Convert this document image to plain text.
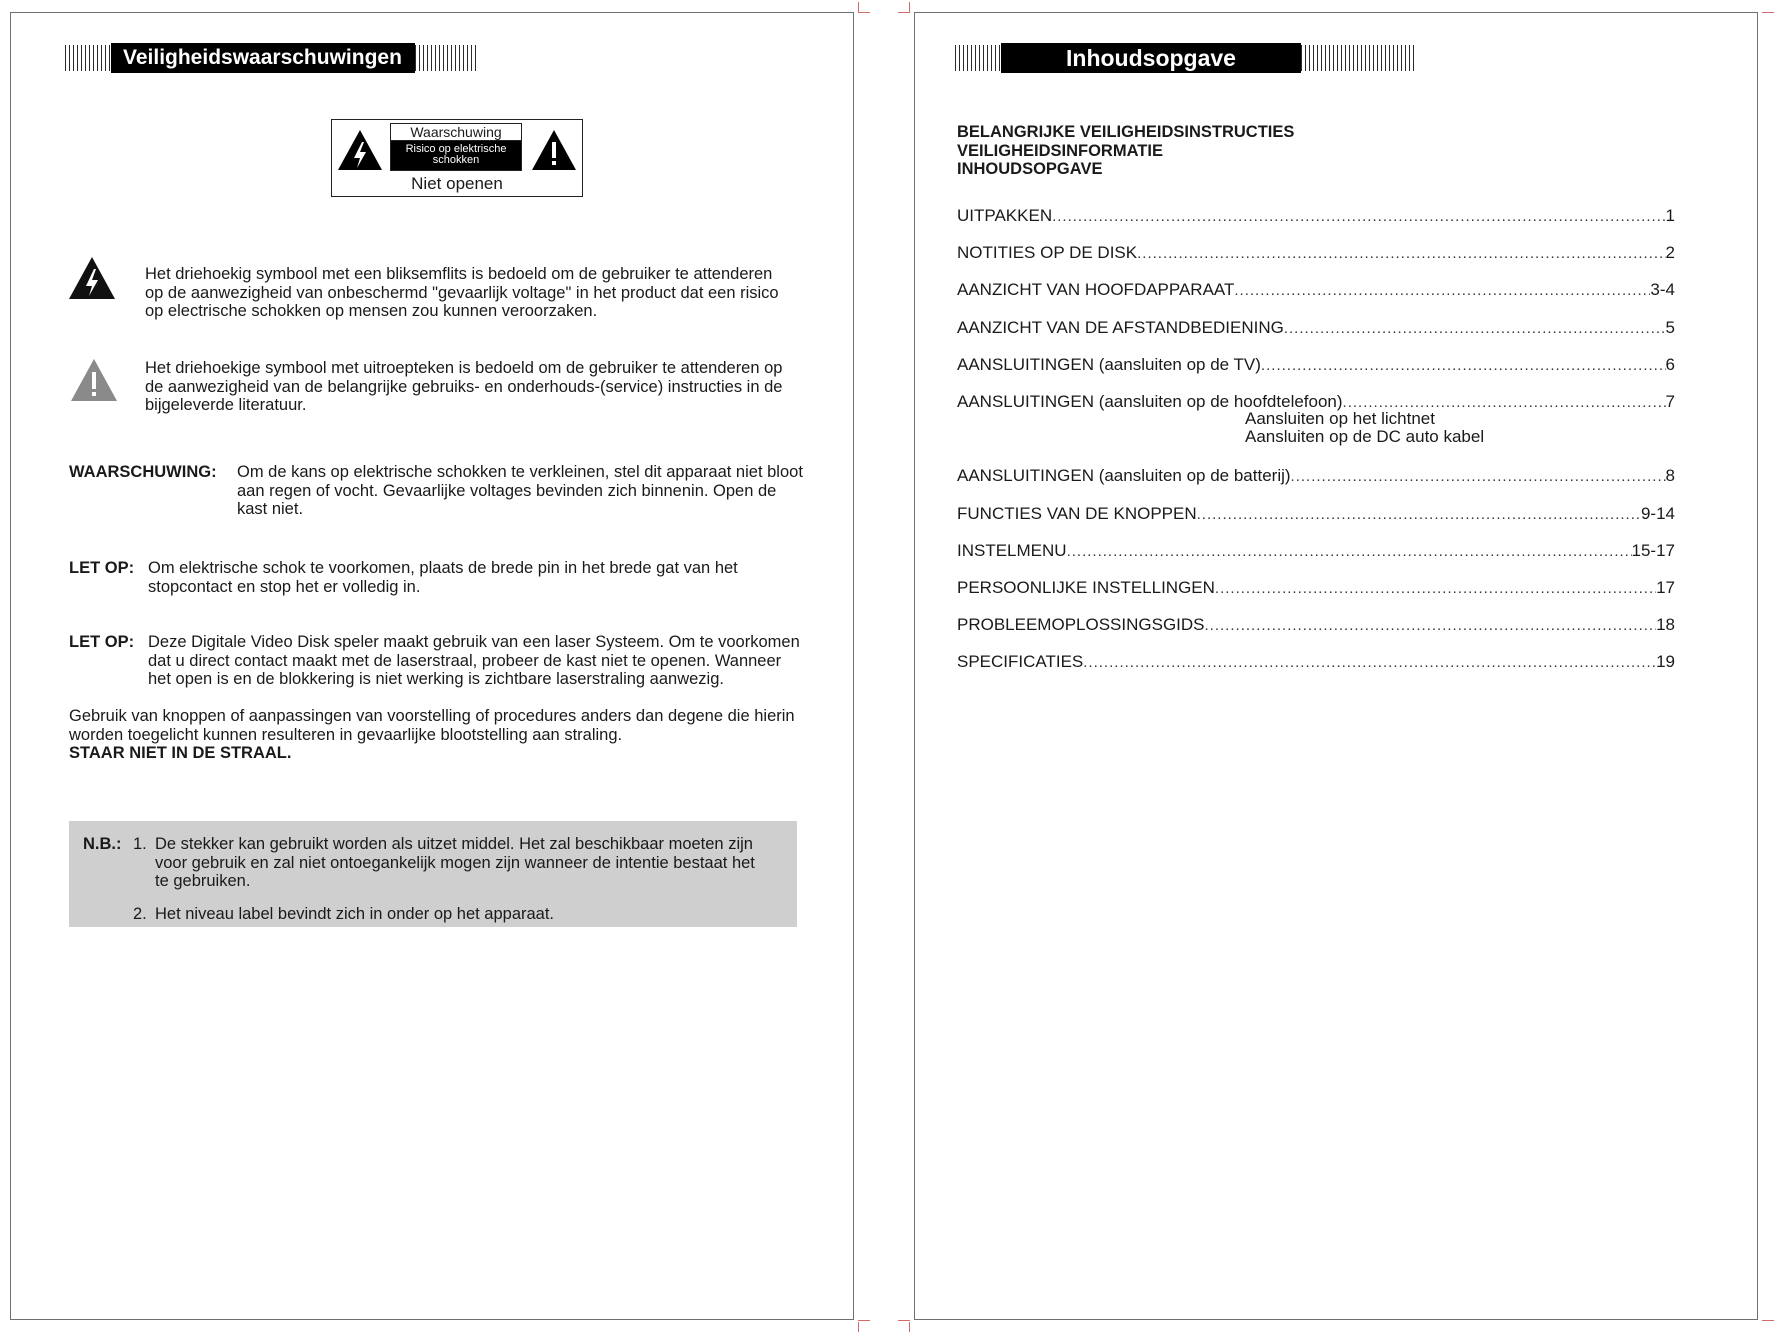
Veiligheidswaarschuwingen
Waarschuwing
Risico op elektrische schokken
Niet openen
Het driehoekig symbool met een bliksemflits is bedoeld om de gebruiker te attenderen op de aanwezigheid van onbeschermd "gevaarlijk voltage" in het product dat een risico op electrische schokken op mensen zou kunnen veroorzaken.
Het driehoekige symbool met uitroepteken is bedoeld om de gebruiker te attenderen op de aanwezigheid van de belangrijke gebruiks- en onderhouds-(service) instructies in de bijgeleverde literatuur.
WAARSCHUWING: Om de kans op elektrische schokken te verkleinen, stel dit apparaat niet bloot aan regen of vocht. Gevaarlijke voltages bevinden zich binnenin. Open de kast niet.
LET OP: Om elektrische schok te voorkomen, plaats de brede pin in het brede gat van het stopcontact en stop het er volledig in.
LET OP: Deze Digitale Video Disk speler maakt gebruik van een laser Systeem. Om te voorkomen dat u direct contact maakt met de laserstraal, probeer de kast niet te openen. Wanneer het open is en de blokkering is niet werking is zichtbare laserstraling aanwezig.
Gebruik van knoppen of aanpassingen van voorstelling of procedures anders dan degene die hierin worden toegelicht kunnen resulteren in gevaarlijke blootstelling aan straling.
STAAR NIET IN DE STRAAL.
N.B.: 1. De stekker kan gebruikt worden als uitzet middel. Het zal beschikbaar moeten zijn voor gebruik en zal niet ontoegankelijk mogen zijn wanneer de intentie bestaat het te gebruiken.
2. Het niveau label bevindt zich in onder op het apparaat.
Inhoudsopgave
BELANGRIJKE VEILIGHEIDSINSTRUCTIES
VEILIGHEIDSINFORMATIE
INHOUDSOPGAVE
UITPAKKEN .....	1
NOTITIES OP DE DISK .....	2
AANZICHT VAN HOOFDAPPARAAT .....	3-4
AANZICHT VAN DE AFSTANDBEDIENING .....	5
AANSLUITINGEN (aansluiten op de TV) .....	6
AANSLUITINGEN (aansluiten op de hoofdtelefoon) .....	7
Aansluiten op het lichtnet
Aansluiten op de DC auto kabel
AANSLUITINGEN (aansluiten op de batterij) .....	8
FUNCTIES VAN DE KNOPPEN .....	9-14
INSTELMENU .....	15-17
PERSOONLIJKE INSTELLINGEN .....	17
PROBLEEMOPLOSSINGSGIDS .....	18
SPECIFICATIES .....	19
